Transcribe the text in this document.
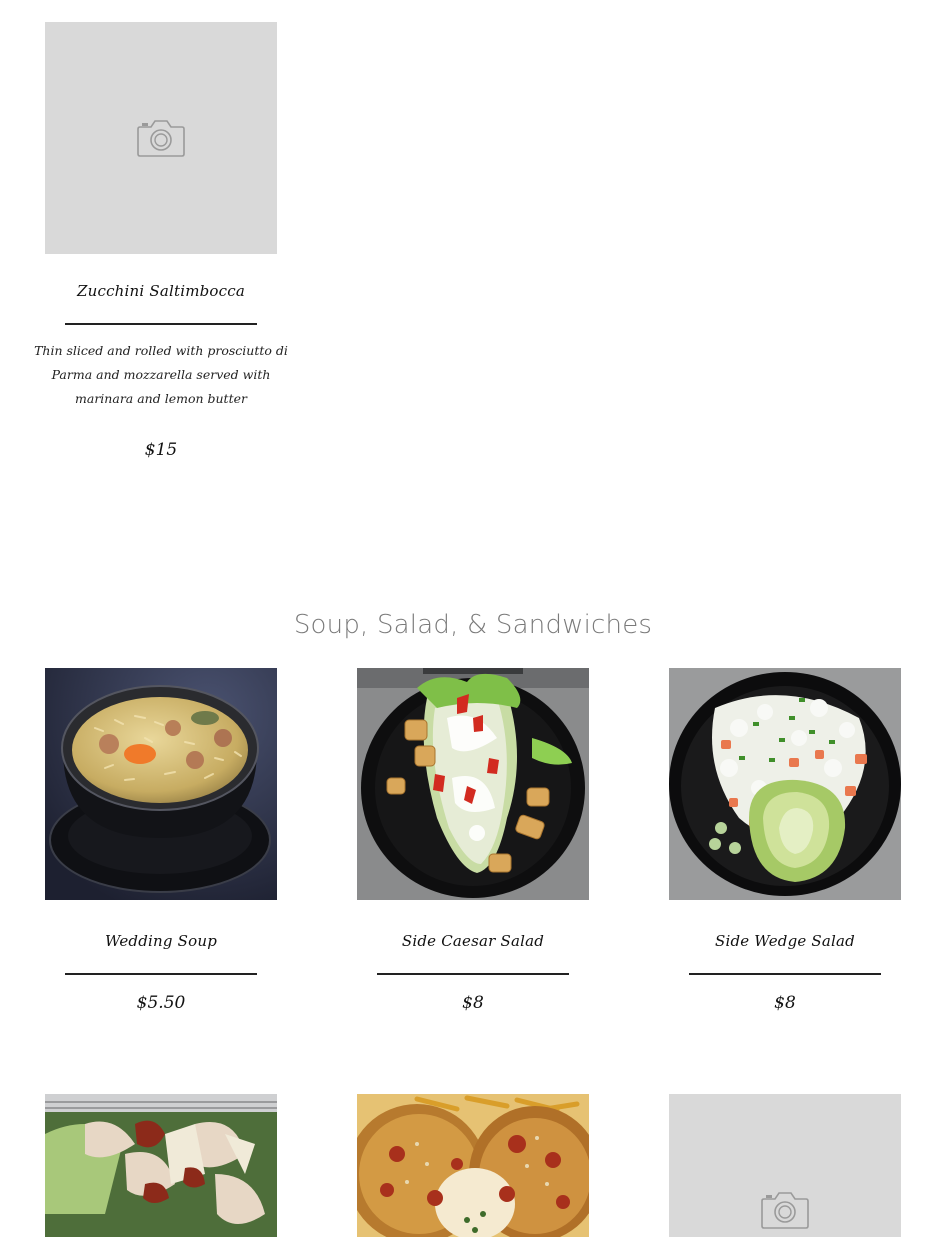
Zucchini Saltimbocca
Thin sliced and rolled with prosciutto di Parma and mozzarella served with marinara and lemon butter
$15
Soup, Salad, & Sandwiches
Wedding Soup
$5.50
Side Caesar Salad
$8
Side Wedge Salad
$8
